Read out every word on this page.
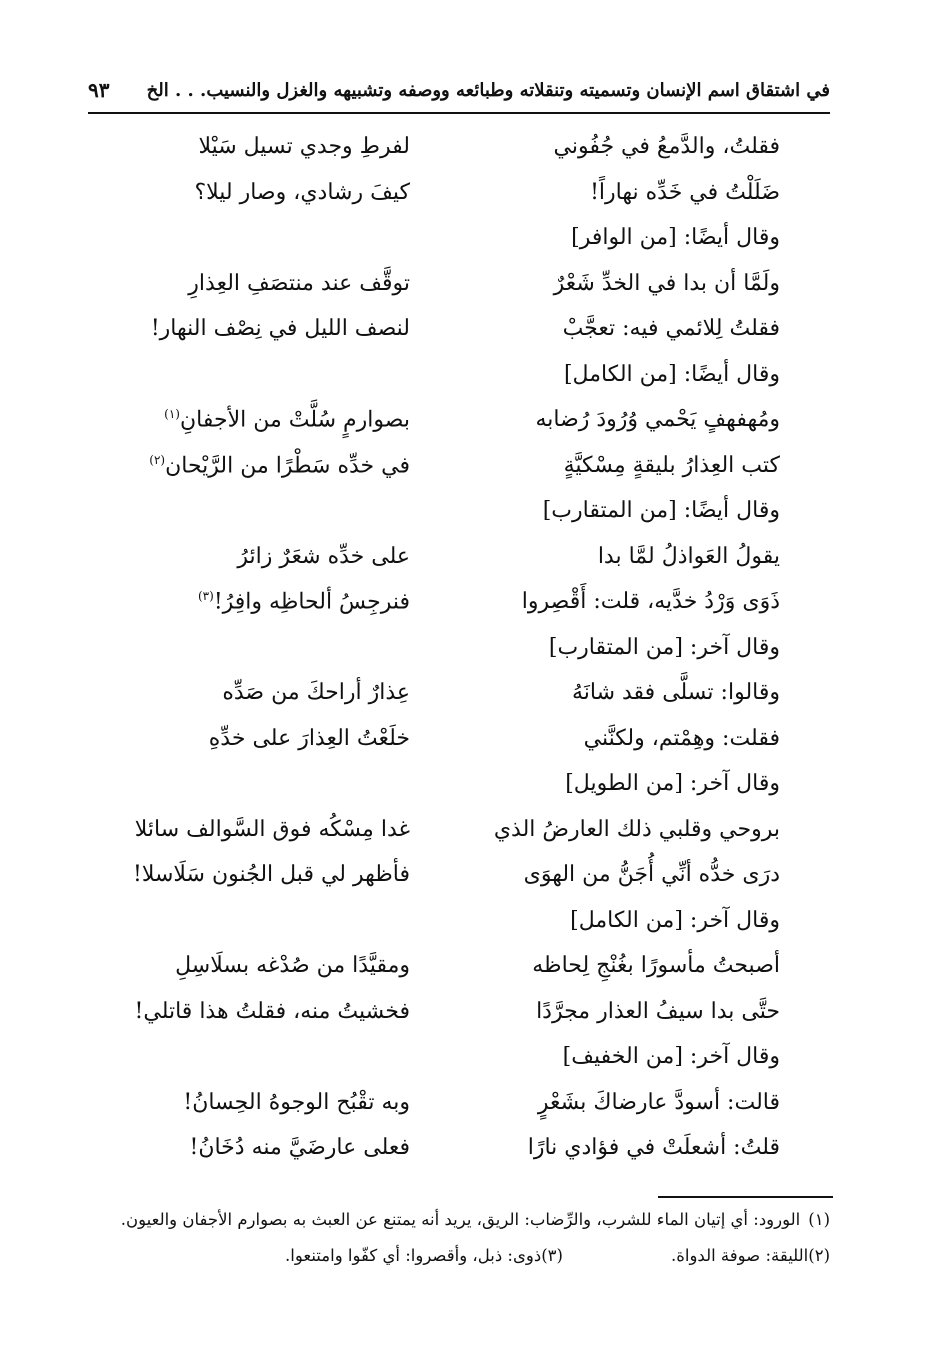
في اشتقاق اسم الإنسان وتسميته وتنقلاته وطبائعه ووصفه وتشبيهه والغزل والنسيب. . . الخ
٩٣
فقلتُ، والدَّمعُ في جُفُوني
لفرطِ وجدي تسيل سَيْلا
ضَلَلْتُ في خَدِّه نهاراً!
كيفَ رشادي، وصار ليلا؟
وقال أيضًا: [من الوافر]
ولَمَّا أن بدا في الخدِّ شَعْرٌ
توقَّف عند منتصَفِ العِذارِ
فقلتُ لِلائمي فيه: تعجَّبْ
لنصف الليل في نِصْف النهار!
وقال أيضًا: [من الكامل]
ومُهفهفٍ يَحْمي وُرُودَ رُضابه
بصوارمٍ سُلَّتْ من الأجفانِ$^{(١)}$
كتب العِذارُ بليقةٍ مِسْكيَّةٍ
في خدِّه سَطْرًا من الرَّيْحان$^{(٢)}$
وقال أيضًا: [من المتقارب]
يقولُ العَواذلُ لمَّا بدا
على خدِّه شعَرٌ زائرُ
ذَوَى وَرْدُ خدَّيه، قلت: أَقْصِروا
فنرجِسُ ألحاظِه وافِرُ!$^{(٣)}$
وقال آخر: [من المتقارب]
وقالوا: تسلَّى فقد شانَهُ
عِذارٌ أراحكَ من صَدِّه
فقلت: وهِمْتم، ولكنَّني
خلَعْتُ العِذارَ على خدِّهِ
وقال آخر: [من الطويل]
بروحي وقلبي ذلك العارضُ الذي
غدا مِسْكُه فوق السَّوالف سائلا
درَى خدُّه أنِّي أُجَنُّ من الهوَى
فأظهر لي قبل الجُنون سَلَاسلا!
وقال آخر: [من الكامل]
أصبحتُ مأسورًا بغُنْجِ لِحاظه
ومقيَّدًا من صُدْغه بسلَاسِلِ
حتَّى بدا سيفُ العذار مجرَّدًا
فخشيتُ منه، فقلتُ هذا قاتلي!
وقال آخر: [من الخفيف]
قالت: أسودَّ عارضاكَ بشَعْرٍ
وبه تقْبُح الوجوهُ الحِسانُ!
قلتُ: أشعلَتْ في فؤادي نارًا
فعلى عارضَيَّ منه دُخَانُ!

(١)الورود: أي إتيان الماء للشرب، والرِّضاب: الريق، يريد أنه يمتنع عن العبث به بصوارم الأجفان والعيون.

(٢)الليقة: صوفة الدواة.
(٣)ذوى: ذبل، وأقصروا: أي كفّوا وامتنعوا.
